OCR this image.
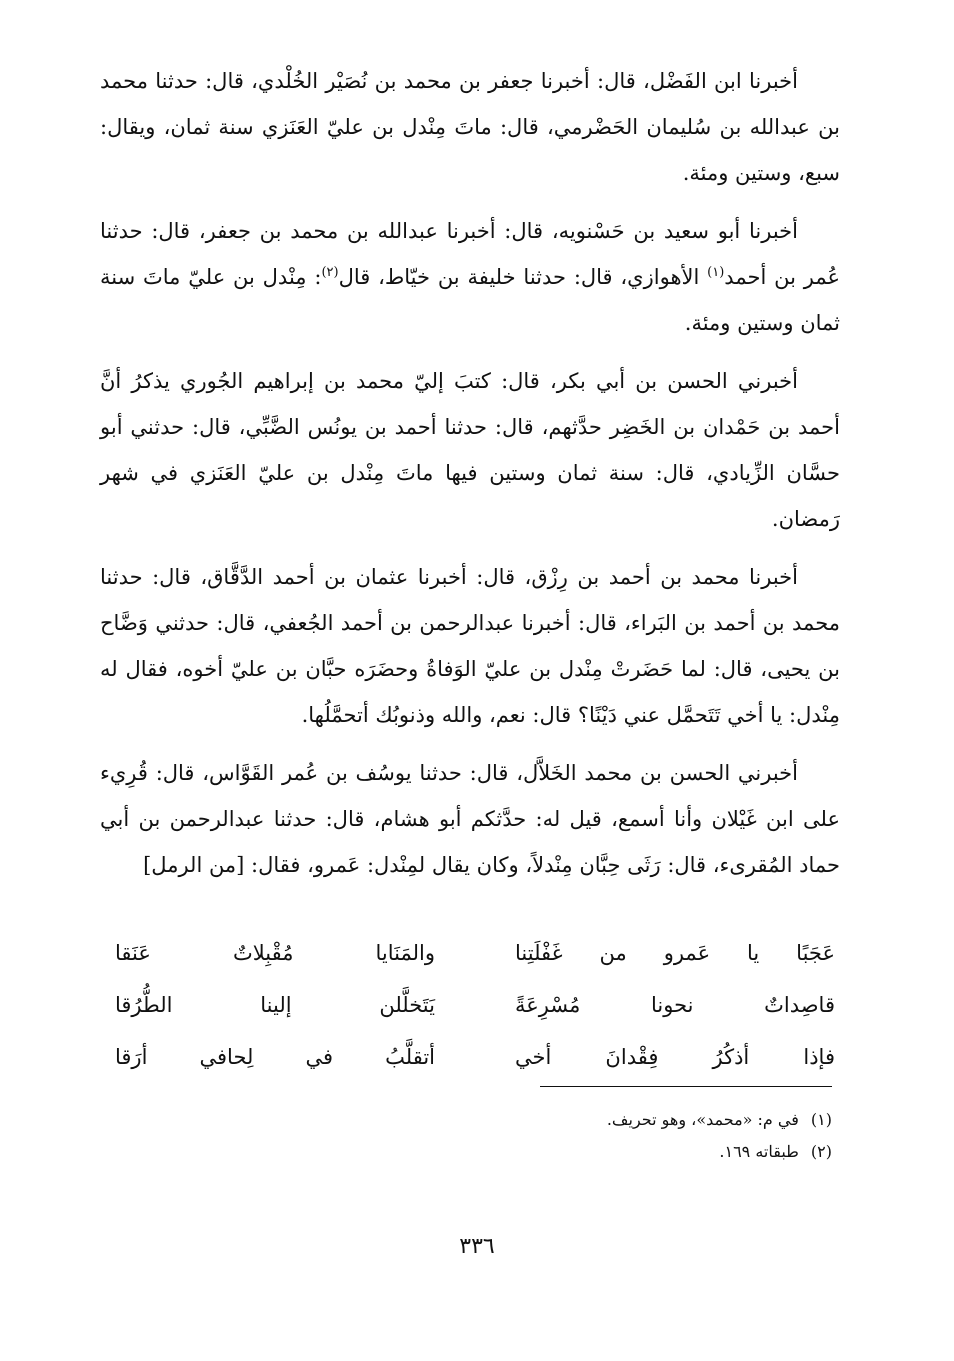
أخبرنا ابن الفَضْل، قال: أخبرنا جعفر بن محمد بن نُصَيْر الخُلْدي، قال: حدثنا محمد بن عبدالله بن سُليمان الحَضْرمي، قال: ماتَ مِنْدل بن عليّ العَنَزي سنة ثمان، ويقال: سبع، وستين ومئة.

أخبرنا أبو سعيد بن حَسْنويه، قال: أخبرنا عبدالله بن محمد بن جعفر، قال: حدثنا عُمر بن أحمد$^{(١)}$ الأهوازي، قال: حدثنا خليفة بن خيّاط، قال$^{(٢)}$: مِنْدل بن عليّ ماتَ سنة ثمان وستين ومئة.

أخبرني الحسن بن أبي بكر، قال: كتبَ إليّ محمد بن إبراهيم الجُوري يذكرُ أنَّ أحمد بن حَمْدان بن الخَضِر حدَّثهم، قال: حدثنا أحمد بن يونُس الضَّبِّي، قال: حدثني أبو حسَّان الزِّيادي، قال: سنة ثمان وستين فيها ماتَ مِنْدل بن عليّ العَنَزي في شهر رَمضان.

أخبرنا محمد بن أحمد بن رِزْق، قال: أخبرنا عثمان بن أحمد الدَّقَّاق، قال: حدثنا محمد بن أحمد بن البَراء، قال: أخبرنا عبدالرحمن بن أحمد الجُعفي، قال: حدثني وَضَّاح بن يحيى، قال: لما حَضَرتْ مِنْدل بن عليّ الوَفاةُ وحضَرَه حبَّان بن عليّ أخوه، فقال له مِنْدل: يا أخي تَتَحمَّل عني دَيْنًا؟ قال: نعم، والله وذنوبُك أتحمَّلُها.

أخبرني الحسن بن محمد الخَلاَّل، قال: حدثنا يوسُف بن عُمر القَوَّاس، قال: قُرِيء على ابن غَيْلان وأنا أسمع، قيل له: حدَّثكم أبو هشام، قال: حدثنا عبدالرحمن بن أبي حماد المُقرىء، قال: رَثَى حِبَّان مِنْدلاً، وكان يقال لمِنْدل: عَمرو، فقال: [من الرمل]

عَجَبًا يا عَمرو من غَفْلَتِنا
والمَنَايا مُقْبِلاتٌ عَنَقا
قاصِداتٌ نحونا مُسْرِعَةً
يَتَخلَّلن إلينا الطُّرُقا
فإذا أذكُرُ فِقْدانَ أخي
أتقلَّبُ في لِحافي أرَقا
(١)في م: «محمد»، وهو تحريف.
(٢)طبقاته ١٦٩.
٣٣٦
